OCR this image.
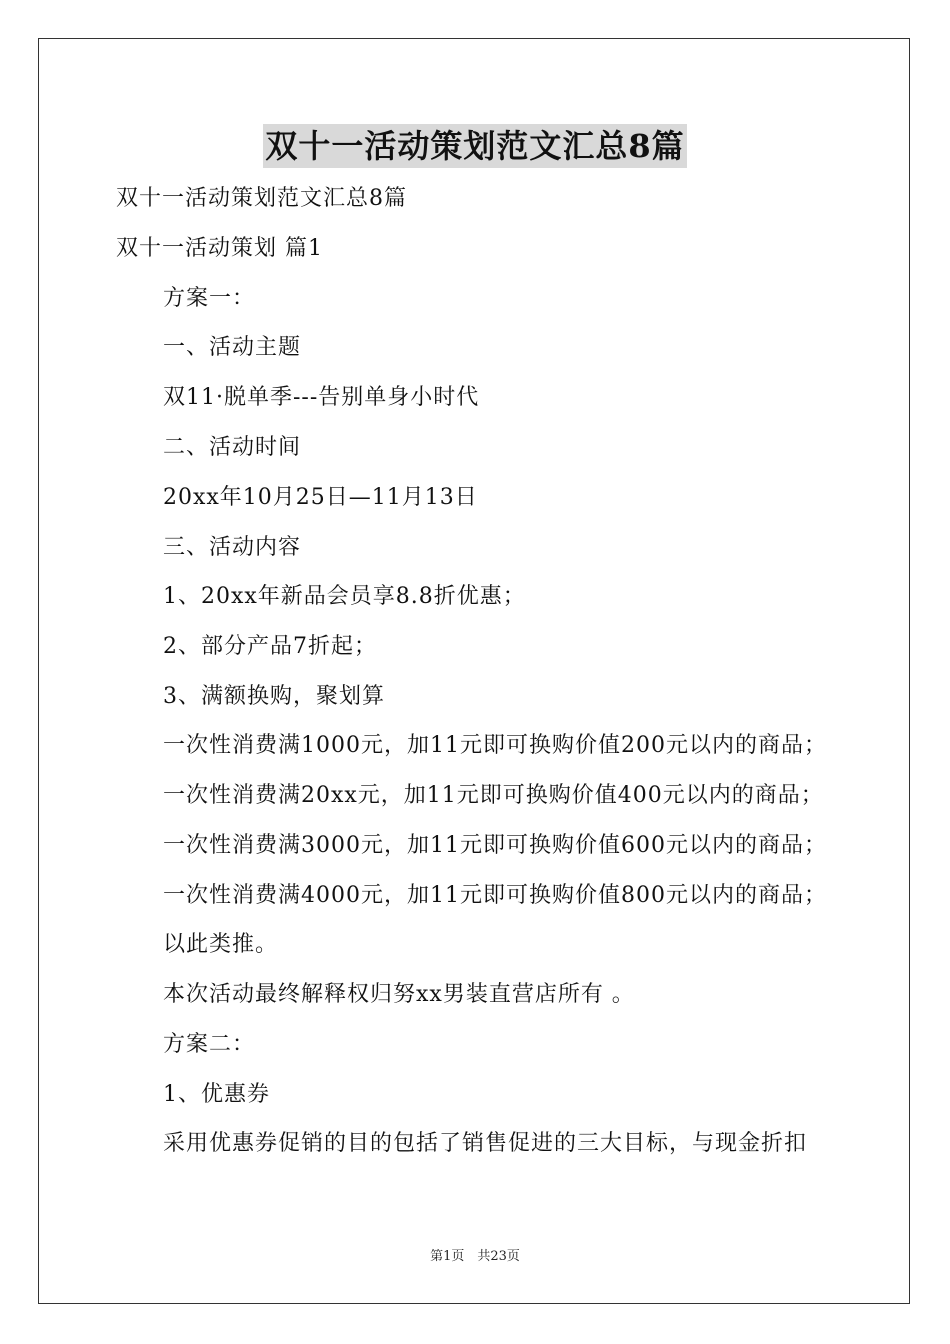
双十一活动策划范文汇总8篇
双十一活动策划范文汇总8篇
双十一活动策划 篇1
方案一：
一、活动主题
双11·脱单季---告别单身小时代
二、活动时间
20xx年10月25日—11月13日
三、活动内容
1、20xx年新品会员享8.8折优惠；
2、部分产品7折起；
3、满额换购，聚划算
一次性消费满1000元，加11元即可换购价值200元以内的商品；
一次性消费满20xx元，加11元即可换购价值400元以内的商品；
一次性消费满3000元，加11元即可换购价值600元以内的商品；
一次性消费满4000元，加11元即可换购价值800元以内的商品；
以此类推。
本次活动最终解释权归努xx男装直营店所有 。
方案二：
1、优惠券
采用优惠券促销的目的包括了销售促进的三大目标，与现金折扣
第1页　共23页
